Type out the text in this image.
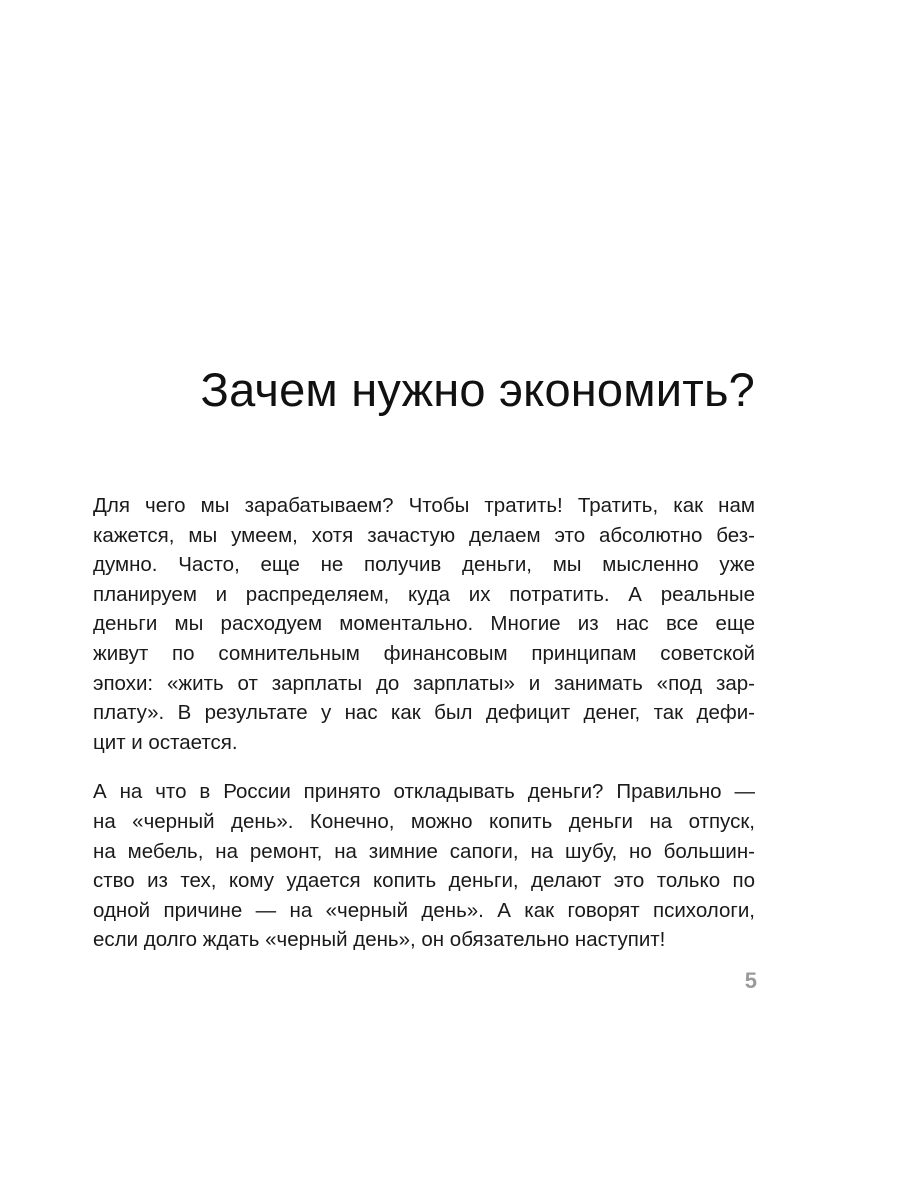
Зачем нужно экономить?

Для чего мы зарабатываем? Чтобы тратить! Тратить, как нам
кажется, мы умеем, хотя зачастую делаем это абсолютно без-
думно. Часто, еще не получив деньги, мы мысленно уже
планируем и распределяем, куда их потратить. А реальные
деньги мы расходуем моментально. Многие из нас все еще
живут по сомнительным финансовым принципам советской
эпохи: «жить от зарплаты до зарплаты» и занимать «под зар-
плату». В результате у нас как был дефицит денег, так дефи-
цит и остается.

А на что в России принято откладывать деньги? Правильно —
на «черный день». Конечно, можно копить деньги на отпуск,
на мебель, на ремонт, на зимние сапоги, на шубу, но большин-
ство из тех, кому удается копить деньги, делают это только по
одной причине — на «черный день». А как говорят психологи,
если долго ждать «черный день», он обязательно наступит!

5
